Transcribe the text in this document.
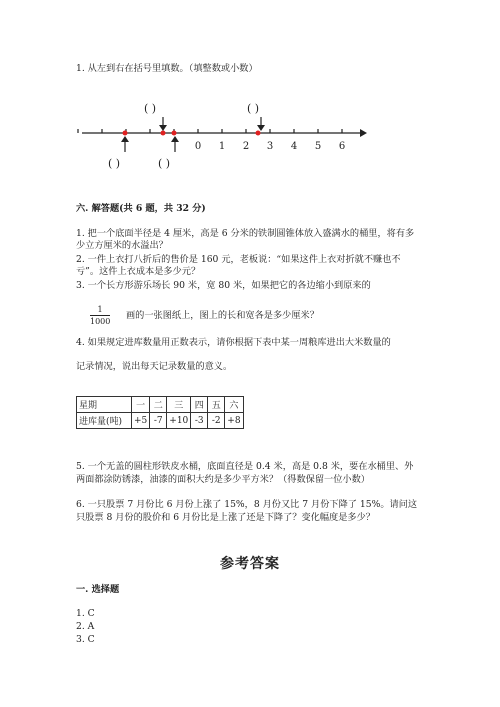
1. 从左到右在括号里填数。（填整数或小数）
0 1 2 3 4 5 6
( )	( )
( )	( )
六. 解答题(共 6 题，共 32 分)
1. 把一个底面半径是 4 厘米，高是 6 分米的铁制圆锥体放入盛满水的桶里，将有多少立方厘米的水溢出？
2. 一件上衣打八折后的售价是 160 元，老板说：“如果这件上衣对折就不赚也不亏”。这件上衣成本是多少元？
3. 一个长方形游乐场长 90 米，宽 80 米，如果把它的各边缩小到原来的
1
1000
画的一张图纸上，图上的长和宽各是多少厘米？
4. 如果规定进库数量用正数表示，请你根据下表中某一周粮库进出大米数量的
记录情况，说出每天记录数量的意义。
星期	一	二	三	四	五	六
进库量(吨)	+5	-7	+10	-3	-2	+8
5. 一个无盖的圆柱形铁皮水桶，底面直径是 0.4 米，高是 0.8 米，要在水桶里、外两面都涂防锈漆，油漆的面积大约是多少平方米？（得数保留一位小数）
6. 一只股票 7 月份比 6 月份上涨了 15%，8 月份又比 7 月份下降了 15%。请问这只股票 8 月份的股价和 6 月份比是上涨了还是下降了？变化幅度是多少？
参考答案
一. 选择题
1. C
2. A
3. C
